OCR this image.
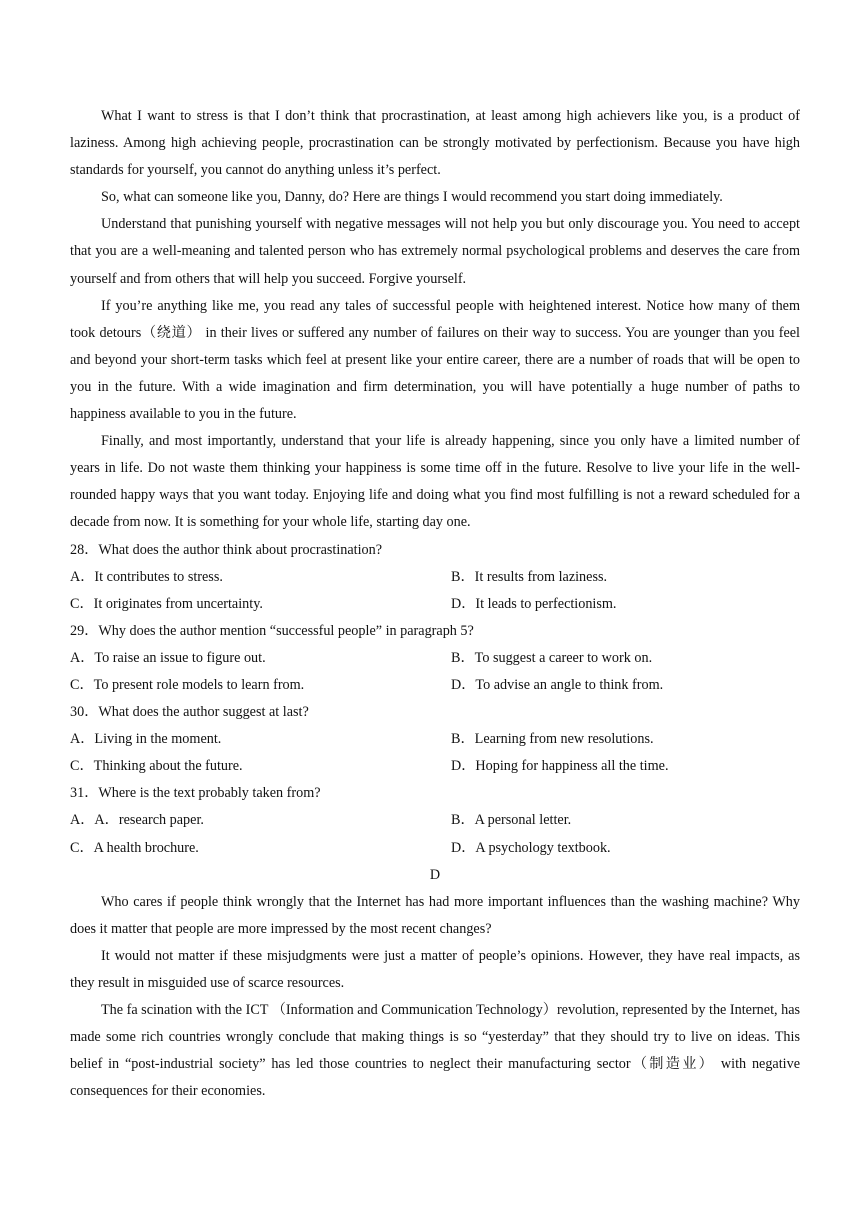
What I want to stress is that I don’t think that procrastination, at least among high achievers like you, is a product of laziness. Among high achieving people, procrastination can be strongly motivated by perfectionism. Because you have high standards for yourself, you cannot do anything unless it’s perfect.

So, what can someone like you, Danny, do? Here are things I would recommend you start doing immediately.

Understand that punishing yourself with negative messages will not help you but only discourage you. You need to accept that you are a well-meaning and talented person who has extremely normal psychological problems and deserves the care from yourself and from others that will help you succeed. Forgive yourself.

If you’re anything like me, you read any tales of successful people with heightened interest. Notice how many of them took detours（绕道） in their lives or suffered any number of failures on their way to success. You are younger than you feel and beyond your short-term tasks which feel at present like your entire career, there are a number of roads that will be open to you in the future. With a wide imagination and firm determination, you will have potentially a huge number of paths to happiness available to you in the future.

Finally, and most importantly, understand that your life is already happening, since you only have a limited number of years in life. Do not waste them thinking your happiness is some time off in the future. Resolve to live your life in the well-rounded happy ways that you want today. Enjoying life and doing what you find most fulfilling is not a reward scheduled for a decade from now. It is something for your whole life, starting day one.

28．What does the author think about procrastination?
A．It contributes to stress.	B．It results from laziness.
C．It originates from uncertainty.	D．It leads to perfectionism.
29．Why does the author mention “successful people” in paragraph 5?
A．To raise an issue to figure out.	B．To suggest a career to work on.
C．To present role models to learn from.	D．To advise an angle to think from.
30．What does the author suggest at last?
A．Living in the moment.	B．Learning from new resolutions.
C．Thinking about the future.	D．Hoping for happiness all the time.
31．Where is the text probably taken from?
A．A．research paper.	B．A personal letter.
C．A health brochure.	D．A psychology textbook.
D

Who cares if people think wrongly that the Internet has had more important influences than the washing machine? Why does it matter that people are more impressed by the most recent changes?

It would not matter if these misjudgments were just a matter of people’s opinions. However, they have real impacts, as they result in misguided use of scarce resources.

The fa scination with the ICT （Information and Communication Technology）revolution, represented by the Internet, has made some rich countries wrongly conclude that making things is so “yesterday” that they should try to live on ideas. This belief in “post-industrial society” has led those countries to neglect their manufacturing sector（制造业） with negative consequences for their economies.
